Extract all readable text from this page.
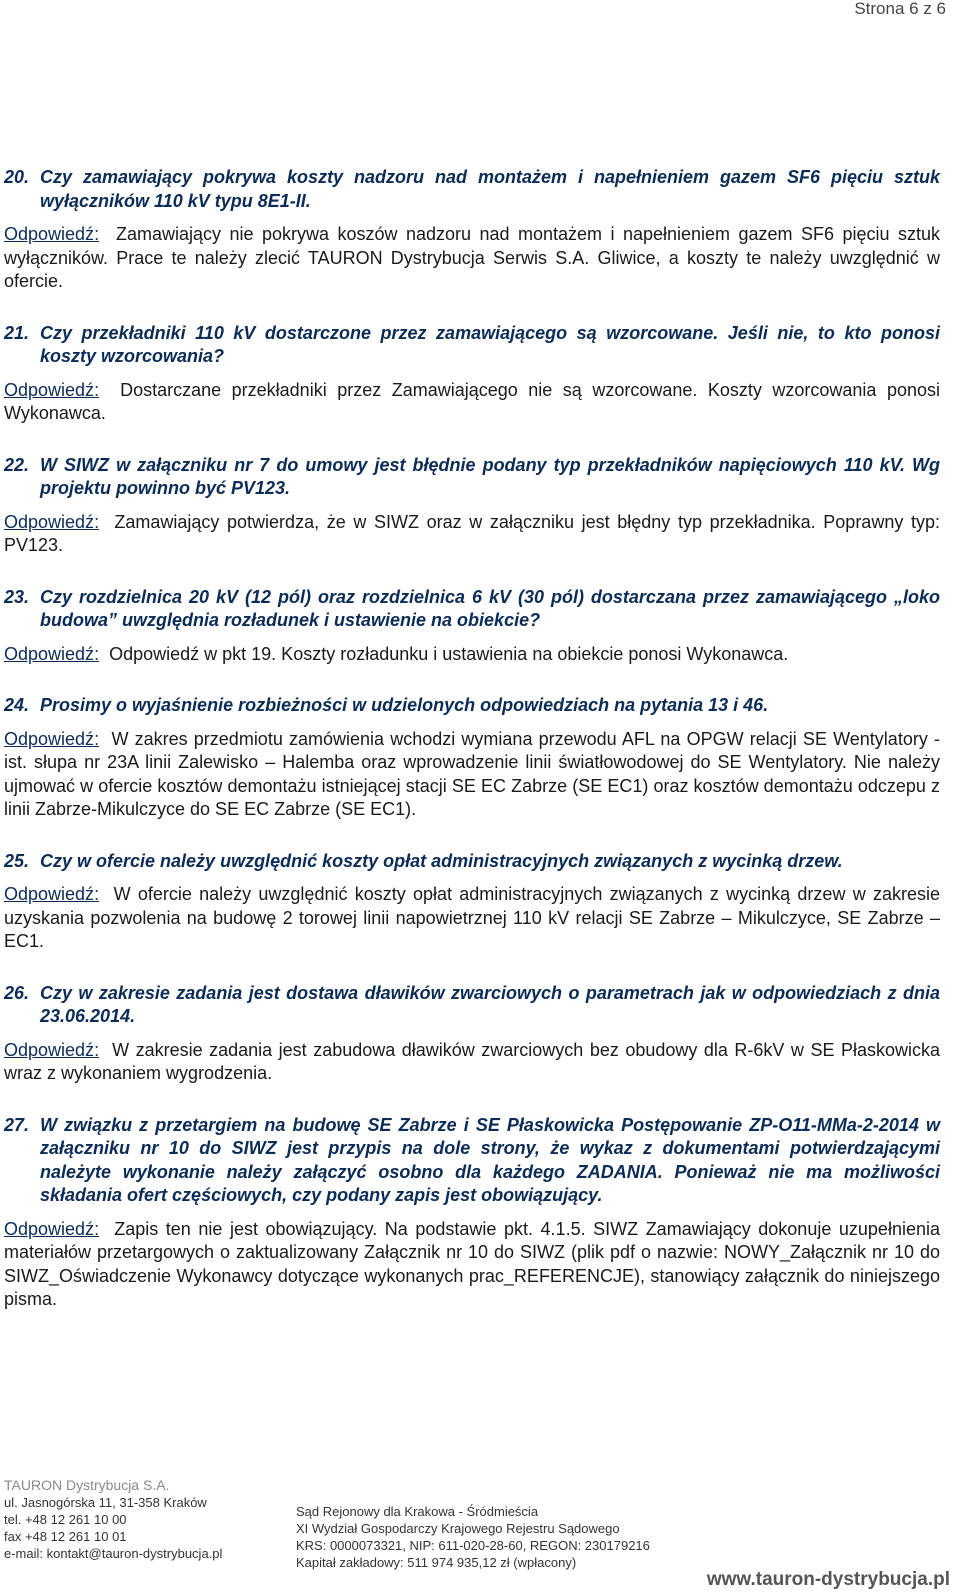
Strona 6 z 6
20. Czy zamawiający pokrywa koszty nadzoru nad montażem i napełnieniem gazem SF6 pięciu sztuk wyłączników 110 kV typu 8E1-II.
Odpowiedź: Zamawiający nie pokrywa koszów nadzoru nad montażem i napełnieniem gazem SF6 pięciu sztuk wyłączników. Prace te należy zlecić TAURON Dystrybucja Serwis S.A. Gliwice, a koszty te należy uwzględnić w ofercie.
21. Czy przekładniki 110 kV dostarczone przez zamawiającego są wzorcowane. Jeśli nie, to kto ponosi koszty wzorcowania?
Odpowiedź: Dostarczane przekładniki przez Zamawiającego nie są wzorcowane. Koszty wzorcowania ponosi Wykonawca.
22. W SIWZ w załączniku nr 7 do umowy jest błędnie podany typ przekładników napięciowych 110 kV. Wg projektu powinno być PV123.
Odpowiedź: Zamawiający potwierdza, że w SIWZ oraz w załączniku jest błędny typ przekładnika. Poprawny typ: PV123.
23. Czy rozdzielnica 20 kV (12 pól) oraz rozdzielnica 6 kV (30 pól) dostarczana przez zamawiającego „loko budowa” uwzględnia rozładunek i ustawienie na obiekcie?
Odpowiedź: Odpowiedź w pkt 19. Koszty rozładunku i ustawienia na obiekcie ponosi Wykonawca.
24. Prosimy o wyjaśnienie rozbieżności w udzielonych odpowiedziach na pytania 13 i 46.
Odpowiedź: W zakres przedmiotu zamówienia wchodzi wymiana przewodu AFL na OPGW relacji SE Wentylatory - ist. słupa nr 23A linii Zalewisko – Halemba oraz wprowadzenie linii światłowodowej do SE Wentylatory. Nie należy ujmować w ofercie kosztów demontażu istniejącej stacji SE EC Zabrze (SE EC1) oraz kosztów demontażu odczepu z linii Zabrze-Mikulczyce do SE EC Zabrze (SE EC1).
25. Czy w ofercie należy uwzględnić koszty opłat administracyjnych związanych z wycinką drzew.
Odpowiedź: W ofercie należy uwzględnić koszty opłat administracyjnych związanych z wycinką drzew w zakresie uzyskania pozwolenia na budowę 2 torowej linii napowietrznej 110 kV relacji SE Zabrze – Mikulczyce, SE Zabrze – EC1.
26. Czy w zakresie zadania jest dostawa dławików zwarciowych o parametrach jak w odpowiedziach z dnia 23.06.2014.
Odpowiedź: W zakresie zadania jest zabudowa dławików zwarciowych bez obudowy dla R-6kV w SE Płaskowicka wraz z wykonaniem wygrodzenia.
27. W związku z przetargiem na budowę SE Zabrze i SE Płaskowicka Postępowanie ZP-O11-MMa-2-2014 w załączniku nr 10 do SIWZ jest przypis na dole strony, że wykaz z dokumentami potwierdzającymi należyte wykonanie należy załączyć osobno dla każdego ZADANIA. Ponieważ nie ma możliwości składania ofert częściowych, czy podany zapis jest obowiązujący.
Odpowiedź: Zapis ten nie jest obowiązujący. Na podstawie pkt. 4.1.5. SIWZ Zamawiający dokonuje uzupełnienia materiałów przetargowych o zaktualizowany Załącznik nr 10 do SIWZ (plik pdf o nazwie: NOWY_Załącznik nr 10 do SIWZ_Oświadczenie Wykonawcy dotyczące wykonanych prac_REFERENCJE), stanowiący załącznik do niniejszego pisma.
TAURON Dystrybucja S.A.
ul. Jasnogórska 11, 31-358 Kraków
tel. +48 12 261 10 00
fax +48 12 261 10 01
e-mail: kontakt@tauron-dystrybucja.pl
Sąd Rejonowy dla Krakowa - Śródmieścia
XI Wydział Gospodarczy Krajowego Rejestru Sądowego
KRS: 0000073321, NIP: 611-020-28-60, REGON: 230179216
Kapitał zakładowy: 511 974 935,12 zł (wpłacony)
www.tauron-dystrybucja.pl
